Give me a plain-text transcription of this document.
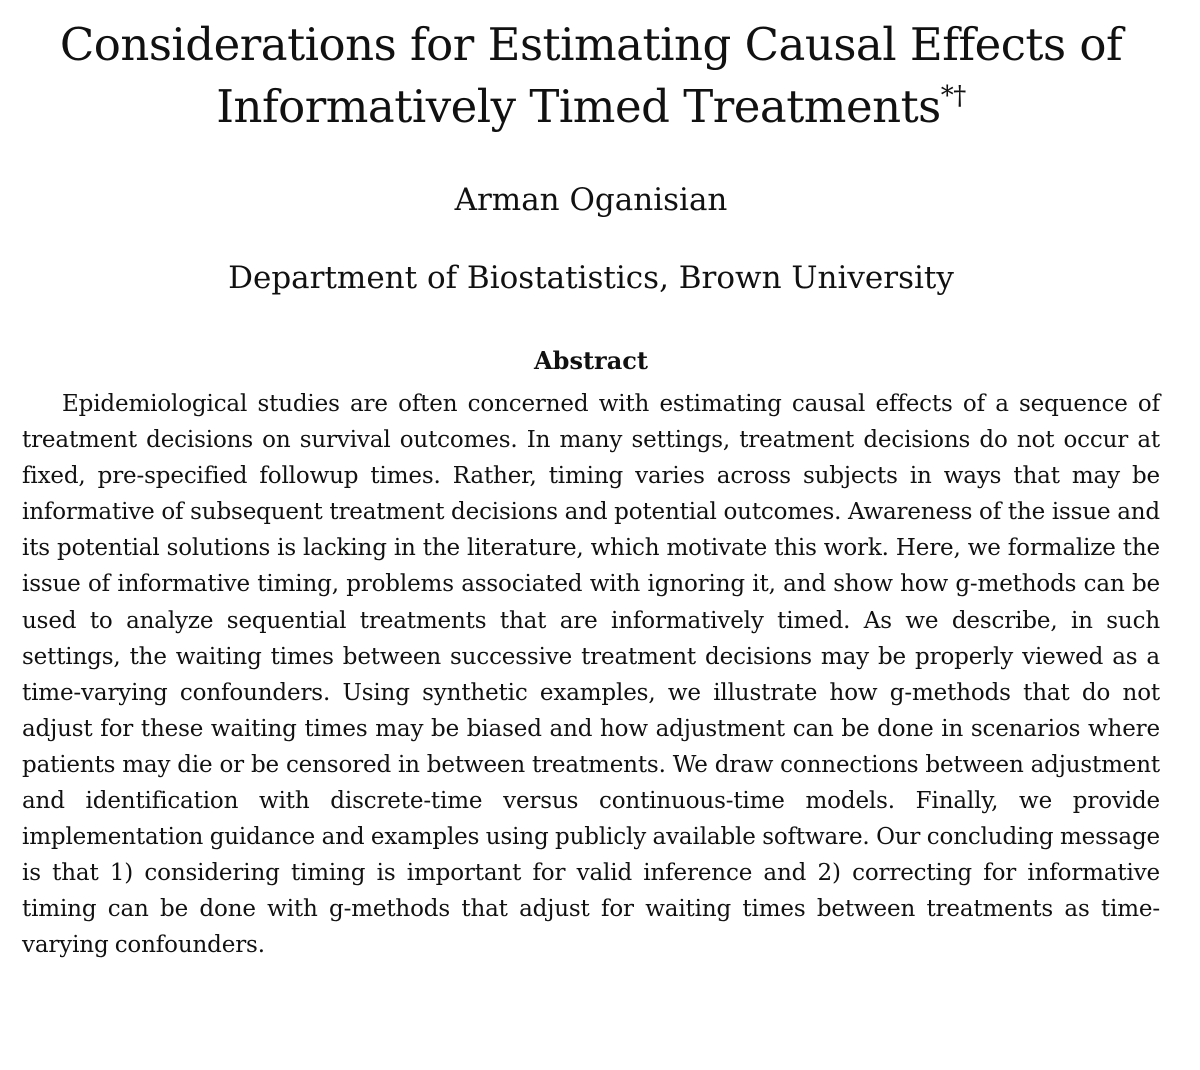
Considerations for Estimating Causal Effects of
Informatively Timed Treatments*†
Arman Oganisian
Department of Biostatistics, Brown University
Abstract

Epidemiological studies are often concerned with estimating causal effects of a sequence of treatment decisions on survival outcomes. In many settings, treatment decisions do not occur at fixed, pre-specified followup times. Rather, timing varies across subjects in ways that may be informative of subsequent treatment decisions and potential outcomes. Awareness of the issue and its potential solutions is lacking in the literature, which motivate this work. Here, we formalize the issue of informative timing, problems associated with ignoring it, and show how g-methods can be used to analyze sequential treatments that are informatively timed. As we describe, in such settings, the waiting times between successive treatment decisions may be properly viewed as a time-varying confounders. Using synthetic examples, we illustrate how g-methods that do not adjust for these waiting times may be biased and how adjustment can be done in scenarios where patients may die or be censored in between treatments. We draw connections between adjustment and identification with discrete-time versus continuous-time models. Finally, we provide implementation guidance and examples using publicly available software. Our concluding message is that 1) considering timing is important for valid inference and 2) correcting for informative timing can be done with g-methods that adjust for waiting times between treatments as time-varying confounders.
